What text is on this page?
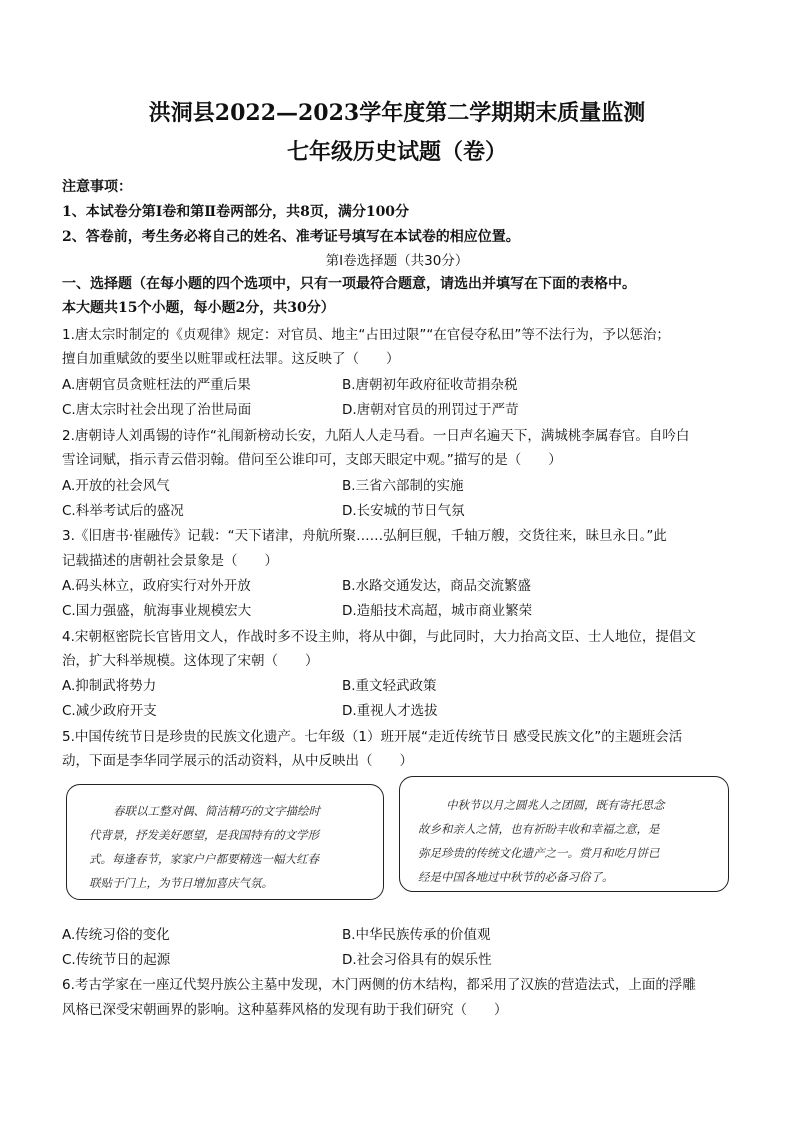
洪洞县2022—2023学年度第二学期期末质量监测
七年级历史试题（卷）
注意事项：
1、本试卷分第Ⅰ卷和第Ⅱ卷两部分，共8页，满分100分
2、答卷前，考生务必将自己的姓名、准考证号填写在本试卷的相应位置。
第Ⅰ卷选择题（共30分）
一、选择题（在每小题的四个选项中，只有一项最符合题意，请选出并填写在下面的表格中。
本大题共15个小题，每小题2分，共30分）
1.唐太宗时制定的《贞观律》规定：对官员、地主“占田过限”“在官侵夺私田”等不法行为，予以惩治；
擅自加重赋敛的要坐以赃罪或枉法罪。这反映了（　　）
A.唐朝官员贪赃枉法的严重后果	B.唐朝初年政府征收苛捐杂税
C.唐太宗时社会出现了治世局面	D.唐朝对官员的刑罚过于严苛
2.唐朝诗人刘禹锡的诗作“礼闱新榜动长安，九陌人人走马看。一日声名遍天下，满城桃李属春官。自吟白
雪诠词赋，指示青云借羽翰。借问至公谁印可，支郎天眼定中观。”描写的是（　　）
A.开放的社会风气	B.三省六部制的实施
C.科举考试后的盛况	D.长安城的节日气氛
3.《旧唐书·崔融传》记载：“天下诸津，舟航所聚……弘舸巨舰，千轴万艘，交货往来，昧旦永日。”此
记载描述的唐朝社会景象是（　　）
A.码头林立，政府实行对外开放	B.水路交通发达，商品交流繁盛
C.国力强盛，航海事业规模宏大	D.造船技术高超，城市商业繁荣
4.宋朝枢密院长官皆用文人，作战时多不设主帅，将从中御，与此同时，大力抬高文臣、士人地位，提倡文
治，扩大科举规模。这体现了宋朝（　　）
A.抑制武将势力	B.重文轻武政策
C.减少政府开支	D.重视人才选拔
5.中国传统节日是珍贵的民族文化遗产。七年级（1）班开展“走近传统节日 感受民族文化”的主题班会活
动，下面是李华同学展示的活动资料，从中反映出（　　）
春联以工整对偶、简洁精巧的文字描绘时
代背景，抒发美好愿望，是我国特有的文学形
式。每逢春节，家家户户都要精选一幅大红春
联贴于门上，为节日增加喜庆气氛。
中秋节以月之圆兆人之团圆，既有寄托思念
故乡和亲人之情，也有祈盼丰收和幸福之意，是
弥足珍贵的传统文化遗产之一。赏月和吃月饼已
经是中国各地过中秋节的必备习俗了。
A.传统习俗的变化	B.中华民族传承的价值观
C.传统节日的起源	D.社会习俗具有的娱乐性
6.考古学家在一座辽代契丹族公主墓中发现，木门两侧的仿木结构，都采用了汉族的营造法式，上面的浮雕
风格已深受宋朝画界的影响。这种墓葬风格的发现有助于我们研究（　　）
